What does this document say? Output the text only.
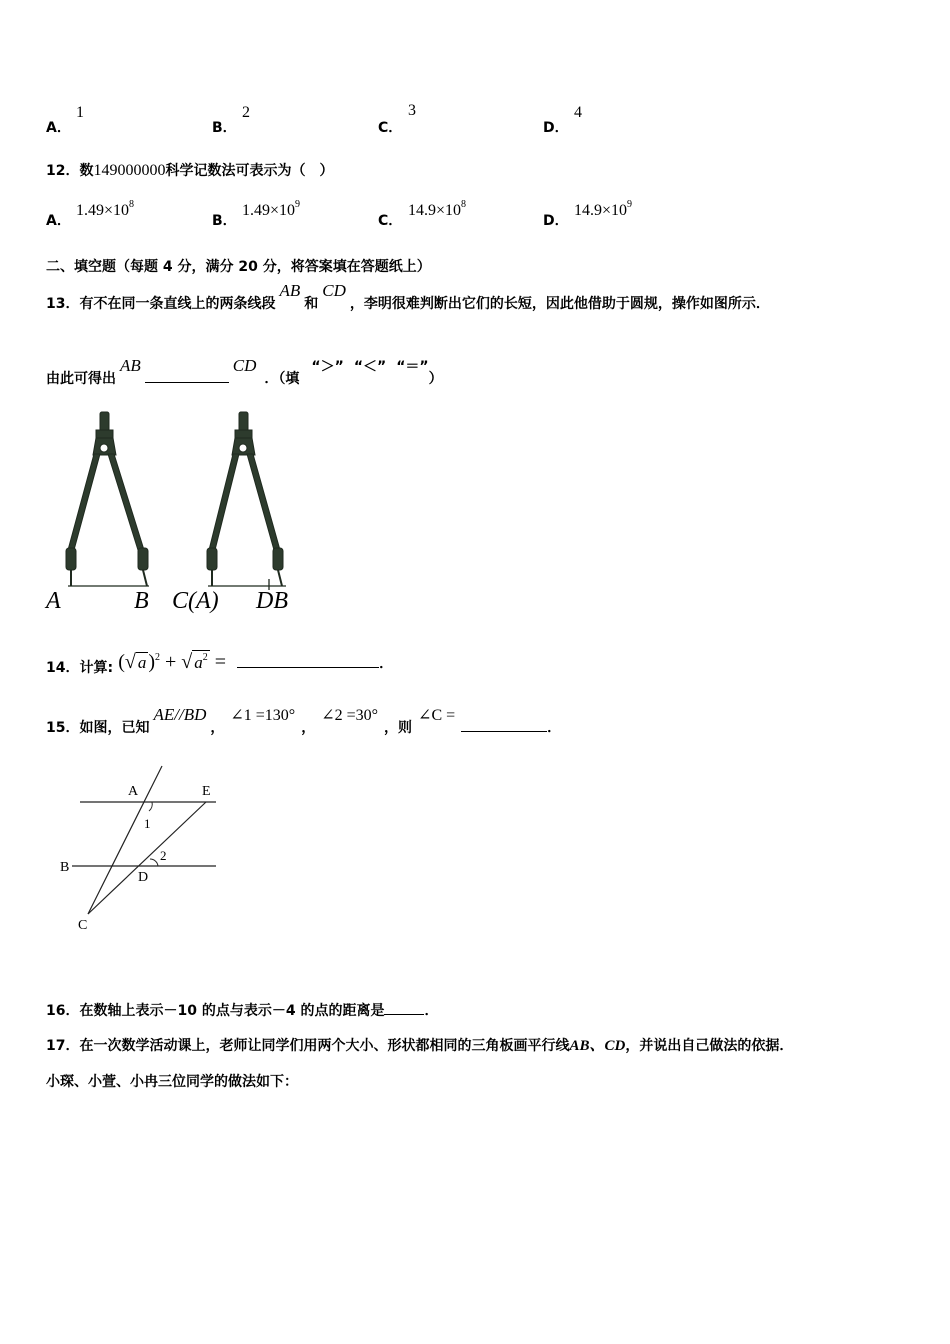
A．
1
B．
2
C．
3
D．
4
12．数149000000科学记数法可表示为（　）
A．
$1.49\times 10^8$
B．
$1.49\times 10^9$
C．
$14.9\times 10^8$
D．
$14.9\times 10^9$
二、填空题（每题 4 分，满分 20 分，将答案填在答题纸上）
13．有不在同一条直线上的两条线段AB和CD，李明很难判断出它们的长短，因此他借助于圆规，操作如图所示．
由此可得出AB	CD．（填“＞” “＜” “＝”）
A	B C(A) DB
14．计算: (√ a )$^2$ + √ $a^2$ =	．
15．如图，已知AE//BD，∠1 =130°，∠2 =30°，则∠C =．
A	E
1
B
D
2
C
16．在数轴上表示－10 的点与表示－4 的点的距离是	．
17．在一次数学活动课上，老师让同学们用两个大小、形状都相同的三角板画平行线AB、CD，并说出自己做法的依据．
小琛、小萱、小冉三位同学的做法如下：
